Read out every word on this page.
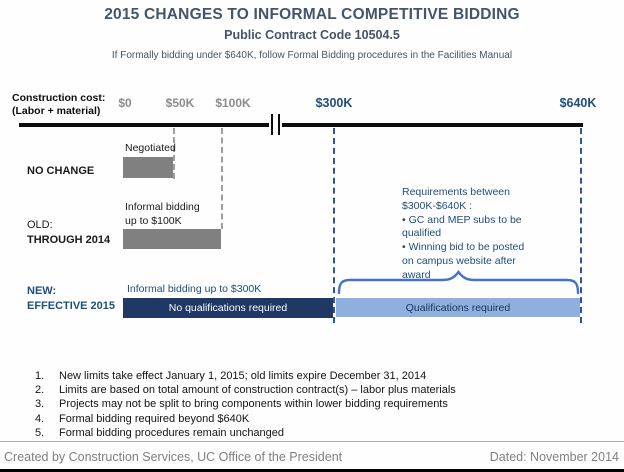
2015 CHANGES TO INFORMAL COMPETITIVE BIDDING
Public Contract Code 10504.5
If Formally bidding under $640K, follow Formal Bidding procedures in the Facilities Manual
Construction cost:
(Labor + material)
$0	$50K $100K	$300K	$640K
NO CHANGE
Negotiated
OLD:
THROUGH 2014
Informal bidding
up to $100K
NEW:
EFFECTIVE 2015
Informal bidding up to $300K
No qualifications required	Qualifications required
Requirements between
$300K-$640K :
• GC and MEP subs to be
qualified
• Winning bid to be posted
on campus website after
award
1.	New limits take effect January 1, 2015; old limits expire December 31, 2014
2.	Limits are based on total amount of construction contract(s) – labor plus materials
3.	Projects may not be split to bring components within lower bidding requirements
4.	Formal bidding required beyond $640K
5.	Formal bidding procedures remain unchanged
Created by Construction Services, UC Office of the President	Dated: November 2014
